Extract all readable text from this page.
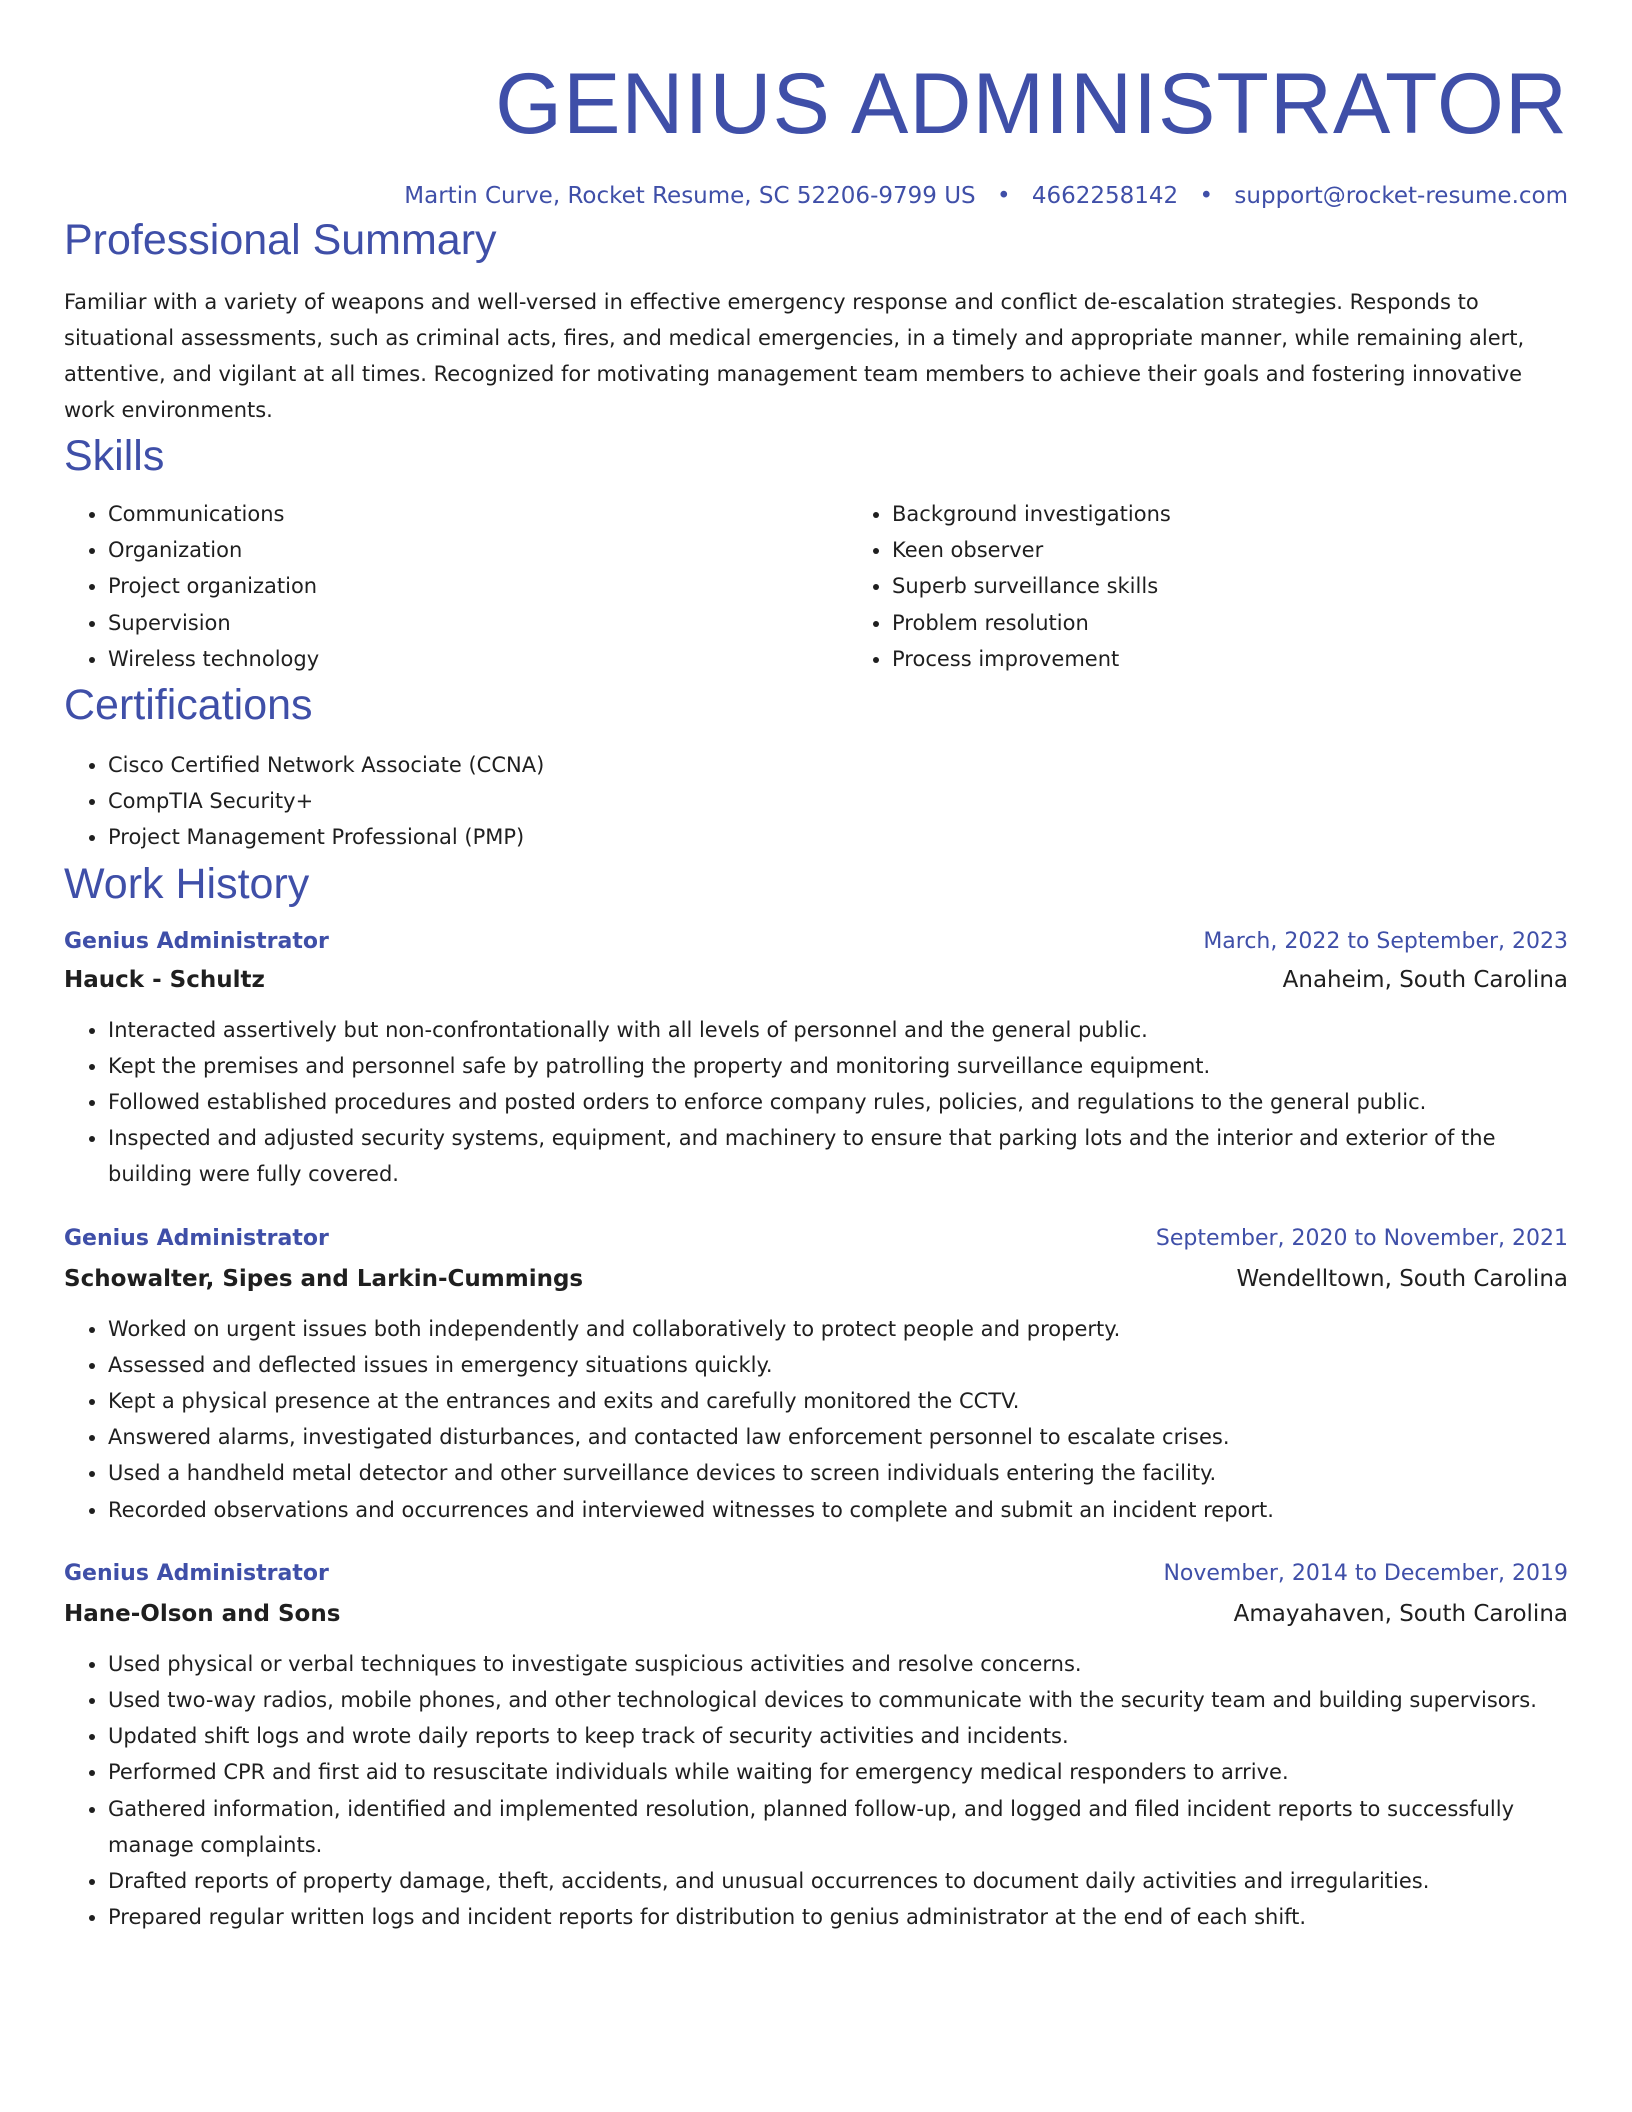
GENIUS ADMINISTRATOR
Martin Curve, Rocket Resume, SC 52206-9799 US • 4662258142 • support@rocket-resume.com
Professional Summary
Familiar with a variety of weapons and well-versed in effective emergency response and conflict de-escalation strategies. Responds to situational assessments, such as criminal acts, fires, and medical emergencies, in a timely and appropriate manner, while remaining alert, attentive, and vigilant at all times. Recognized for motivating management team members to achieve their goals and fostering innovative work environments.
Skills
• Communications
• Organization
• Project organization
• Supervision
• Wireless technology
• Background investigations
• Keen observer
• Superb surveillance skills
• Problem resolution
• Process improvement
Certifications
• Cisco Certified Network Associate (CCNA)
• CompTIA Security+
• Project Management Professional (PMP)
Work History
Genius Administrator	March, 2022 to September, 2023
Hauck - Schultz	Anaheim, South Carolina
• Interacted assertively but non-confrontationally with all levels of personnel and the general public.
• Kept the premises and personnel safe by patrolling the property and monitoring surveillance equipment.
• Followed established procedures and posted orders to enforce company rules, policies, and regulations to the general public.
• Inspected and adjusted security systems, equipment, and machinery to ensure that parking lots and the interior and exterior of the building were fully covered.
Genius Administrator	September, 2020 to November, 2021
Schowalter, Sipes and Larkin-Cummings	Wendelltown, South Carolina
• Worked on urgent issues both independently and collaboratively to protect people and property.
• Assessed and deflected issues in emergency situations quickly.
• Kept a physical presence at the entrances and exits and carefully monitored the CCTV.
• Answered alarms, investigated disturbances, and contacted law enforcement personnel to escalate crises.
• Used a handheld metal detector and other surveillance devices to screen individuals entering the facility.
• Recorded observations and occurrences and interviewed witnesses to complete and submit an incident report.
Genius Administrator	November, 2014 to December, 2019
Hane-Olson and Sons	Amayahaven, South Carolina
• Used physical or verbal techniques to investigate suspicious activities and resolve concerns.
• Used two-way radios, mobile phones, and other technological devices to communicate with the security team and building supervisors.
• Updated shift logs and wrote daily reports to keep track of security activities and incidents.
• Performed CPR and first aid to resuscitate individuals while waiting for emergency medical responders to arrive.
• Gathered information, identified and implemented resolution, planned follow-up, and logged and filed incident reports to successfully manage complaints.
• Drafted reports of property damage, theft, accidents, and unusual occurrences to document daily activities and irregularities.
• Prepared regular written logs and incident reports for distribution to genius administrator at the end of each shift.
